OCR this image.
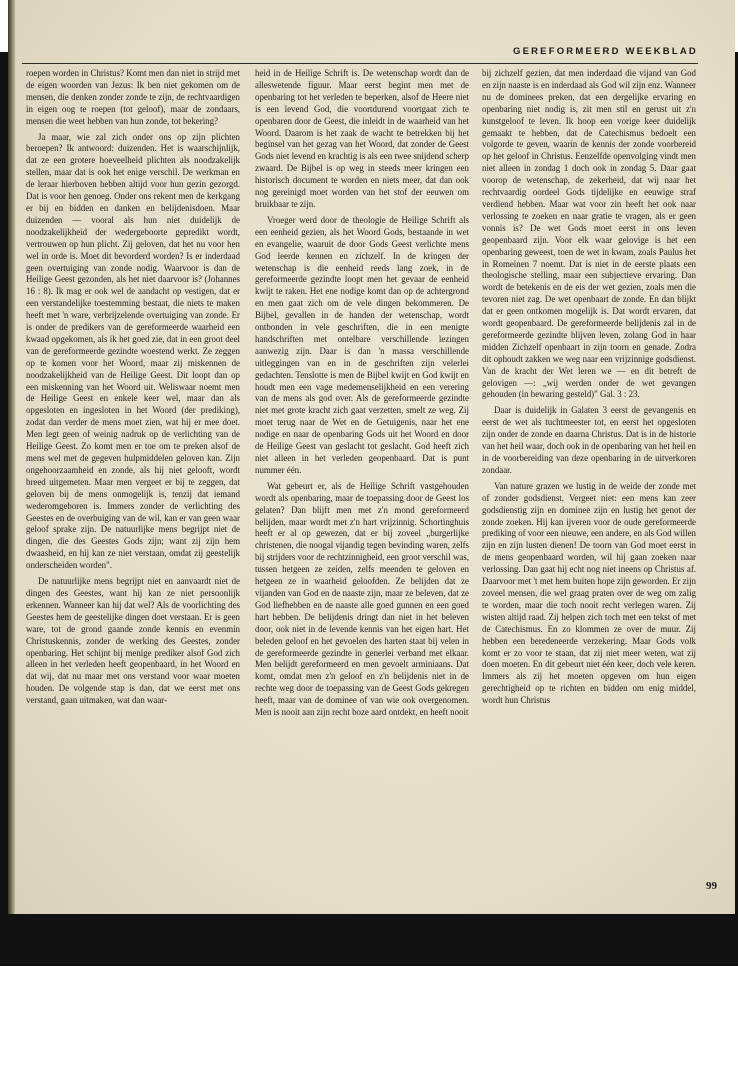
GEREFORMEERD WEEKBLAD

roepen worden in Christus? Komt men dan niet in strijd met de eigen woorden van Jezus: Ik ben niet gekomen om de mensen, die denken zonder zonde te zijn, de rechtvaardigen in eigen oog te roepen (tot geloof), maar de zondaars, mensen die weet hebben van hun zonde, tot bekering?

Ja maar, wie zal zich onder ons op zijn plichten beroepen? Ik antwoord: duizenden. Het is waarschijnlijk, dat ze een grotere hoeveelheid plichten als noodzakelijk stellen, maar dat is ook het enige verschil. De werkman en de leraar hierboven hebben altijd voor hun gezin gezorgd. Dat is voor hen genoeg. Onder ons rekent men de kerkgang er bij en bidden en danken en belijdenisdoen. Maar duizenden — vooral als hun niet duidelijk de noodzakelijkheid der wedergeboorte gepredikt wordt, vertrouwen op hun plicht. Zij geloven, dat het nu voor hen wel in orde is. Moet dit bevorderd worden? Is er inderdaad geen overtuiging van zonde nodig. Waarvoor is dan de Heilige Geest gezonden, als het niet daarvoor is? (Johannes 16 : 8). Ik mag er ook wel de aandacht op vestigen, dat er een verstandelijke toestemming bestaat, die niets te maken heeft met 'n ware, verbrijzelende overtuiging van zonde. Er is onder de predikers van de gereformeerde waarheid een kwaad opgekomen, als ik het goed zie, dat in een groot deel van de gereformeerde gezindte woestend werkt. Ze zeggen op te komen voor het Woord, maar zij miskennen de noodzakelijkheid van de Heilige Geest. Dit loopt dan op een miskenning van het Woord uit. Weliswaar noemt men de Heilige Geest en enkele keer wel, maar dan als opgesloten en ingesloten in het Woord (der prediking), zodat dan verder de mens moet zien, wat hij er mee doet. Men legt geen of weinig nadruk op de verlichting van de Heilige Geest. Zo komt men er toe om te preken alsof de mens wel met de gegeven hulpmiddelen geloven kan. Zijn ongehoorzaamheid en zonde, als hij niet gelooft, wordt breed uitgemeten. Maar men vergeet er bij te zeggen, dat geloven bij de mens onmogelijk is, tenzij dat iemand wederomgeboren is. Immers zonder de verlichting des Geestes en de overbuiging van de wil, kan er van geen waar geloof sprake zijn. De natuurlijke mens begrijpt niet de dingen, die des Geestes Gods zijn; want zij zijn hem dwaasheid, en hij kan ze niet verstaan, omdat zij geestelijk onderscheiden worden".

De natuurlijke mens begrijpt niet en aanvaardt niet de dingen des Geestes, want hij kan ze niet persoonlijk erkennen. Wanneer kan hij dat wel? Als de voorlichting des Geestes hem de geestelijke dingen doet verstaan. Er is geen ware, tot de grond gaande zonde kennis en evenmin Christuskennis, zonder de werking des Geestes, zonder openbaring. Het schijnt bij menige prediker alsof God zich alleen in het verleden heeft geopenbaard, in het Woord en dat wij, dat nu maar met ons verstand voor waar moeten houden. De volgende stap is dan, dat we eerst met ons verstand, gaan uitmaken, wat dan waar-

heid in de Heilige Schrift is. De wetenschap wordt dan de alleswetende figuur. Maar eerst begint men met de openbaring tot het verleden te beperken, alsof de Heere niet is een levend God, die voortdurend voortgaat zich te openbaren door de Geest, die inleidt in de waarheid van het Woord. Daarom is het zaak de wacht te betrekken bij het beginsel van het gezag van het Woord, dat zonder de Geest Gods niet levend en krachtig is als een twee snijdend scherp zwaard. De Bijbel is op weg in steeds meer kringen een historisch document te worden en niets meer, dat dan ook nog gereinigd moet worden van het stof der eeuwen om bruikbaar te zijn.

Vroeger werd door de theologie de Heilige Schrift als een eenheid gezien, als het Woord Gods, bestaande in wet en evangelie, waaruit de door Gods Geest verlichte mens God leerde kennen en zichzelf. In de kringen der wetenschap is die eenheid reeds lang zoek, in de gereformeerde gezindte loopt men het gevaar de eenheid kwijt te raken. Het ene nodige komt dan op de achtergrond en men gaat zich om de vele dingen bekommeren. De Bijbel, gevallen in de handen der wetenschap, wordt ontbonden in vele geschriften, die in een menigte handschriften met ontelbare verschillende lezingen aanwezig zijn. Daar is dan 'n massa verschillende uitleggingen van en in de geschriften zijn velerlei gedachten. Tenslotte is men de Bijbel kwijt en God kwijt en houdt men een vage medemenselijkheid en een verering van de mens als god over. Als de gereformeerde gezindte niet met grote kracht zich gaat verzetten, smelt ze weg. Zij moet terug naar de Wet en de Getuigenis, naar het ene nodige en naar de openbaring Gods uit het Woord en door de Heilige Geest van geslacht tot geslacht. God heeft zich niet alleen in het verleden geopenbaard. Dat is punt nummer één.

Wat gebeurt er, als de Heilige Schrift vastgehouden wordt als openbaring, maar de toepassing door de Geest los gelaten? Dan blijft men met z'n mond gereformeerd belijden, maar wordt met z'n hart vrijzinnig. Schortinghuis heeft er al op gewezen, dat er bij zoveel „burgerlijke christenen, die noogal vijandig tegen bevinding waren, zelfs bij strijders voor de rechtzinnigheid, een groot verschil was, tussen hetgeen ze zeiden, zelfs meenden te geloven en hetgeen ze in waarheid geloofden. Ze belijden dat ze vijanden van God en de naaste zijn, maar ze beleven, dat ze God liefhebben en de naaste alle goed gunnen en een goed hart hebben. De belijdenis dringt dan niet in het beleven door, ook niet in de levende kennis van het eigen hart. Het beleden geloof en het gevoelen des harten staat bij velen in de gereformeerde gezindte in generlei verband met elkaar. Men belijdt gereformeerd en men gevoelt arminiaans. Dat komt, omdat men z'n geloof en z'n belijdenis niet in de rechte weg door de toepassing van de Geest Gods gekregen heeft, maar van de dominee of van wie ook overgenomen. Men is nooit aan zijn recht boze aard ontdekt, en heeft nooit

bij zichzelf gezien, dat men inderdaad die vijand van God en zijn naaste is en inderdaad als God wil zijn enz. Wanneer nu de dominees preken, dat een dergelijke ervaring en openbaring niet nodig is, zit men stil en gerust uit z'n kunstgeloof te leven. Ik hoop een vorige keer duidelijk gemaakt te hebben, dat de Catechismus bedoelt een volgorde te geven, waarin de kennis der zonde voorbereid op het geloof in Christus. Eenzelfde openvolging vindt men niet alleen in zondag 1 doch ook in zondag 5. Daar gaat voorop de wetenschap, de zekerheid, dat wij naar het rechtvaardig oordeel Gods tijdelijke en eeuwige straf verdiend hebben. Maar wat voor zin heeft het ook naar verlossing te zoeken en naar gratie te vragen, als er geen vonnis is? De wet Gods moet eerst in ons leven geopenbaard zijn. Voor elk waar gelovige is het een openbaring geweest, toen de wet in kwam, zoals Paulus het in Romeinen 7 noemt. Dat is niet in de eerste plaats een theologische stelling, maar een subjectieve ervaring. Dan wordt de betekenis en de eis der wet gezien, zoals men die tevoren niet zag. De wet openbaart de zonde. En dan blijkt dat er geen ontkomen mogelijk is. Dat wordt ervaren, dat wordt geopenbaard. De gereformeerde belijdenis zal in de gereformeerde gezindte blijven leven, zolang God in haar midden Zichzelf openbaart in zijn toorn en genade. Zodra dit ophoudt zakken we weg naar een vrijzinnige godsdienst. Van de kracht der Wet leren we — en dit betreft de gelovigen —: „wij werden onder de wet gevangen gehouden (in bewaring gesteld)" Gal. 3 : 23.

Daar is duidelijk in Galaten 3 eerst de gevangenis en eerst de wet als tuchtmeester tot, en eerst het opgesloten zijn onder de zonde en daarna Christus. Dat is in de historie van het heil waar, doch ook in de openbaring van het heil en in de voorbereiding van deze openbaring in de uitverkoren zondaar.

Van nature grazen we lustig in de weide der zonde met of zonder godsdienst. Vergeet niet: een mens kan zeer godsdienstig zijn en dominee zijn en lustig het genot der zonde zoeken. Hij kan ijveren voor de oude gereformeerde prediking of voor een nieuwe, een andere, en als God willen zijn en zijn lusten dienen! De toorn van God moet eerst in de mens geopenbaard worden, wil hij gaan zoeken naar verlossing. Dan gaat hij echt nog niet ineens op Christus af. Daarvoor met 't met hem buiten hope zijn geworden. Er zijn zoveel mensen, die wel graag praten over de weg om zalig te worden, maar die toch nooit recht verlegen waren. Zij wisten altijd raad. Zij helpen zich toch met een tekst of met de Catechismus. En zo klommen ze over de muur. Zij hebben een beredeneerde verzekering. Maar Gods volk komt er zo voor te staan, dat zij niet meer weten, wat zij doen moeten. En dit gebeurt niet één keer, doch vele keren. Immers als zij het moeten opgeven om hun eigen gerechtigheid op te richten en bidden om enig middel, wordt hun Christus

99
